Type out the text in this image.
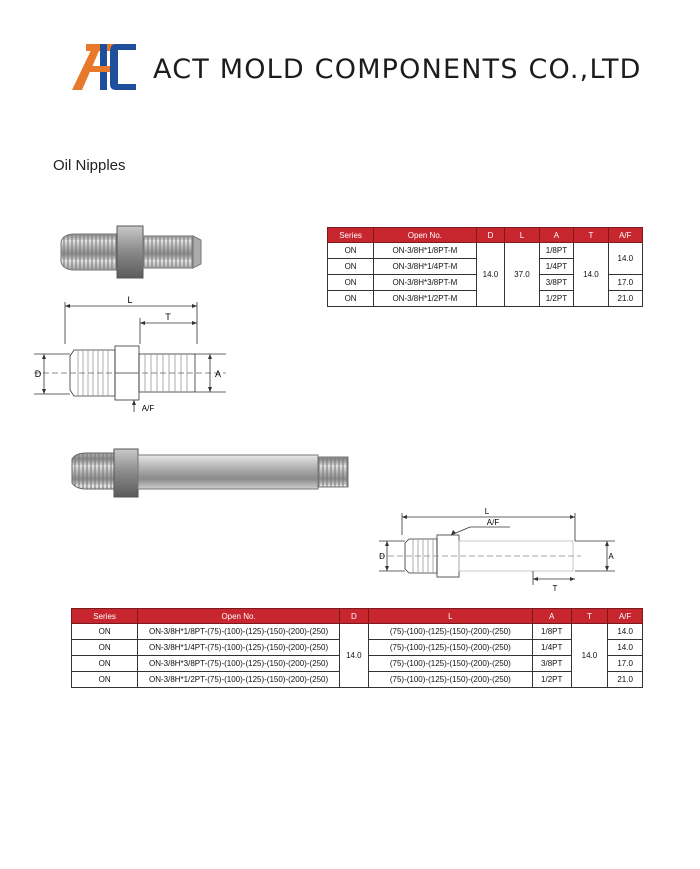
ACT MOLD COMPONENTS CO.,LTD
Oil Nipples
L
T
D	A
A/F
Series	Open No.	D	L	A	T	A/F
ON	ON-3/8H*1/8PT-M	14.0	37.0	1/8PT	14.0	14.0
ON	ON-3/8H*1/4PT-M			1/4PT		
ON	ON-3/8H*3/8PT-M			3/8PT		17.0
ON	ON-3/8H*1/2PT-M			1/2PT		21.0
L
A/F
D	A
T
Series	Open No.	D	L	A	T	A/F
ON	ON-3/8H*1/8PT-(75)-(100)-(125)-(150)-(200)-(250)	14.0	(75)-(100)-(125)-(150)-(200)-(250)	1/8PT	14.0	14.0
ON	ON-3/8H*1/4PT-(75)-(100)-(125)-(150)-(200)-(250)		(75)-(100)-(125)-(150)-(200)-(250)	1/4PT		14.0
ON	ON-3/8H*3/8PT-(75)-(100)-(125)-(150)-(200)-(250)		(75)-(100)-(125)-(150)-(200)-(250)	3/8PT		17.0
ON	ON-3/8H*1/2PT-(75)-(100)-(125)-(150)-(200)-(250)		(75)-(100)-(125)-(150)-(200)-(250)	1/2PT		21.0
